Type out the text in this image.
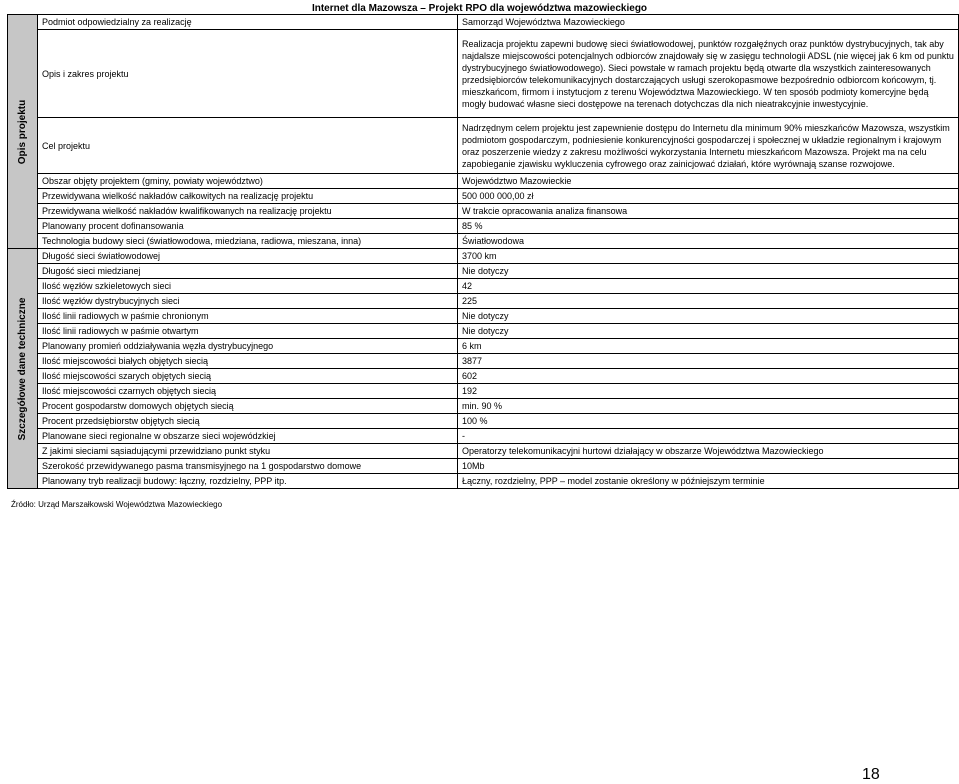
Internet dla Mazowsza – Projekt RPO dla województwa mazowieckiego
Opis projektu	Podmiot odpowiedzialny za realizację	Samorząd Województwa Mazowieckiego
	Opis i zakres projektu	Realizacja projektu zapewni budowę sieci światłowodowej, punktów rozgałęźnych oraz punktów dystrybucyjnych, tak aby najdalsze miejscowości potencjalnych odbiorców znajdowały się w zasięgu technologii ADSL (nie więcej jak 6 km od punktu dystrybucyjnego światłowodowego). Sieci powstałe w ramach projektu będą otwarte dla wszystkich zainteresowanych przedsiębiorców telekomunikacyjnych dostarczających usługi szerokopasmowe bezpośrednio odbiorcom końcowym, tj. mieszkańcom, firmom i instytucjom z terenu Województwa Mazowieckiego. W ten sposób podmioty komercyjne będą mogły budować własne sieci dostępowe na terenach dotychczas dla nich nieatrakcyjnie inwestycyjnie.
	Cel projektu	Nadrzędnym celem projektu jest zapewnienie dostępu do Internetu dla minimum 90% mieszkańców Mazowsza, wszystkim podmiotom gospodarczym, podniesienie konkurencyjności gospodarczej i społecznej w układzie regionalnym i krajowym oraz poszerzenie wiedzy z zakresu możliwości wykorzystania Internetu mieszkańcom Mazowsza. Projekt ma na celu zapobieganie zjawisku wykluczenia cyfrowego oraz zainicjować działań, które wyrównają szanse rozwojowe.
	Obszar objęty projektem (gminy, powiaty województwo)	Województwo Mazowieckie
	Przewidywana wielkość nakładów całkowitych na realizację projektu	500 000 000,00 zł
	Przewidywana wielkość nakładów kwalifikowanych na realizację projektu	W trakcie opracowania analiza finansowa
	Planowany procent dofinansowania	85 %
	Technologia budowy sieci (światłowodowa, miedziana, radiowa, mieszana, inna)	Światłowodowa

Szczegółowe dane techniczne	Długość sieci światłowodowej	3700 km
	Długość sieci miedzianej	Nie dotyczy
	Ilość węzłów szkieletowych sieci	42
	Ilość węzłów dystrybucyjnych sieci	225
	Ilość linii radiowych w paśmie chronionym	Nie dotyczy
	Ilość linii radiowych w paśmie otwartym	Nie dotyczy
	Planowany promień oddziaływania węzła dystrybucyjnego	6 km
	Ilość miejscowości białych objętych siecią	3877
	Ilość miejscowości szarych objętych siecią	602
	Ilość miejscowości czarnych objętych siecią	192
	Procent gospodarstw domowych objętych siecią	min. 90 %
	Procent przedsiębiorstw objętych siecią	100 %
	Planowane sieci regionalne w obszarze sieci wojewódzkiej	-
	Z jakimi sieciami sąsiadującymi przewidziano punkt styku	Operatorzy telekomunikacyjni hurtowi działający w obszarze Województwa Mazowieckiego
	Szerokość przewidywanego pasma transmisyjnego na 1 gospodarstwo domowe	10Mb
	Planowany tryb realizacji budowy: łączny, rozdzielny, PPP itp.	Łączny, rozdzielny, PPP – model zostanie określony w późniejszym terminie
Źródło: Urząd Marszałkowski Województwa Mazowieckiego
18
